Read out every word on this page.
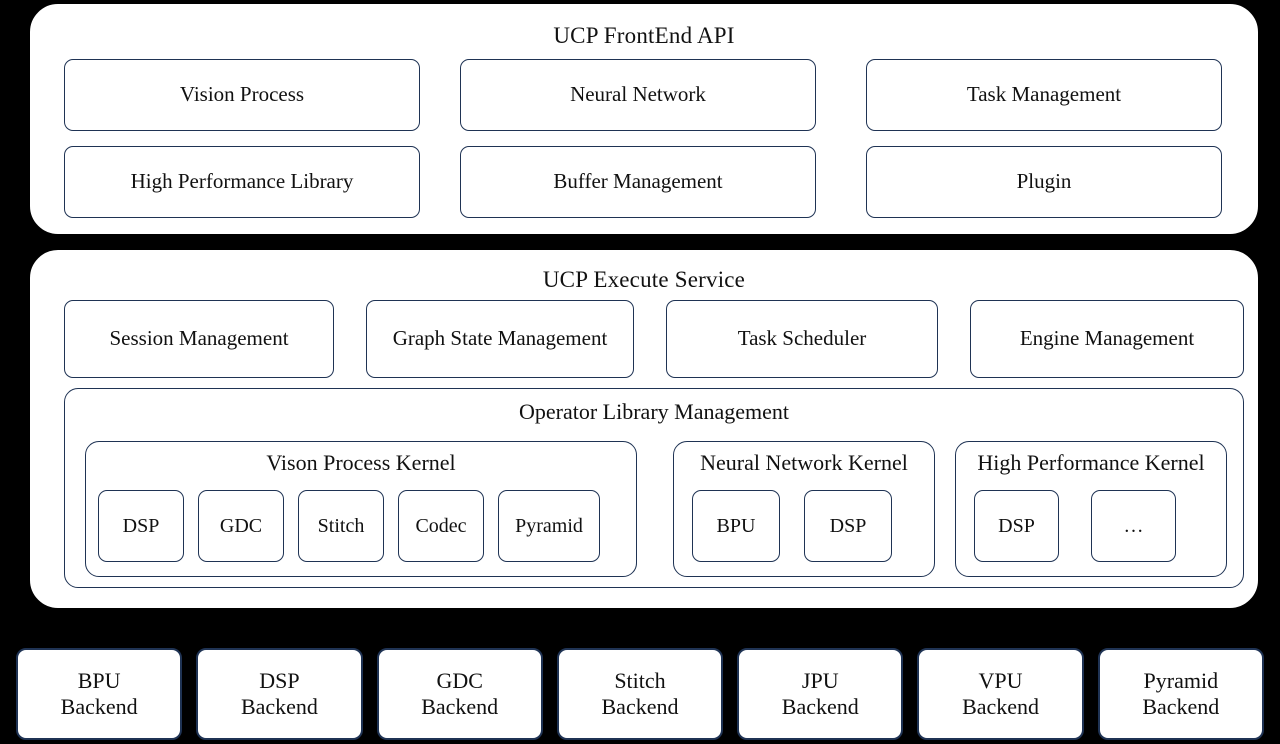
UCP FrontEnd API
Vision Process	Neural Network	Task Management
High Performance Library	Buffer Management	Plugin
UCP Execute Service
Session Management	Graph State Management	Task Scheduler	Engine Management
Operator Library Management
Vison Process Kernel
DSP	GDC	Stitch	Codec	Pyramid
Neural Network Kernel
BPU	DSP
High Performance Kernel
DSP	…
BPU
Backend
DSP
Backend
GDC
Backend
Stitch
Backend
JPU
Backend
VPU
Backend
Pyramid
Backend
